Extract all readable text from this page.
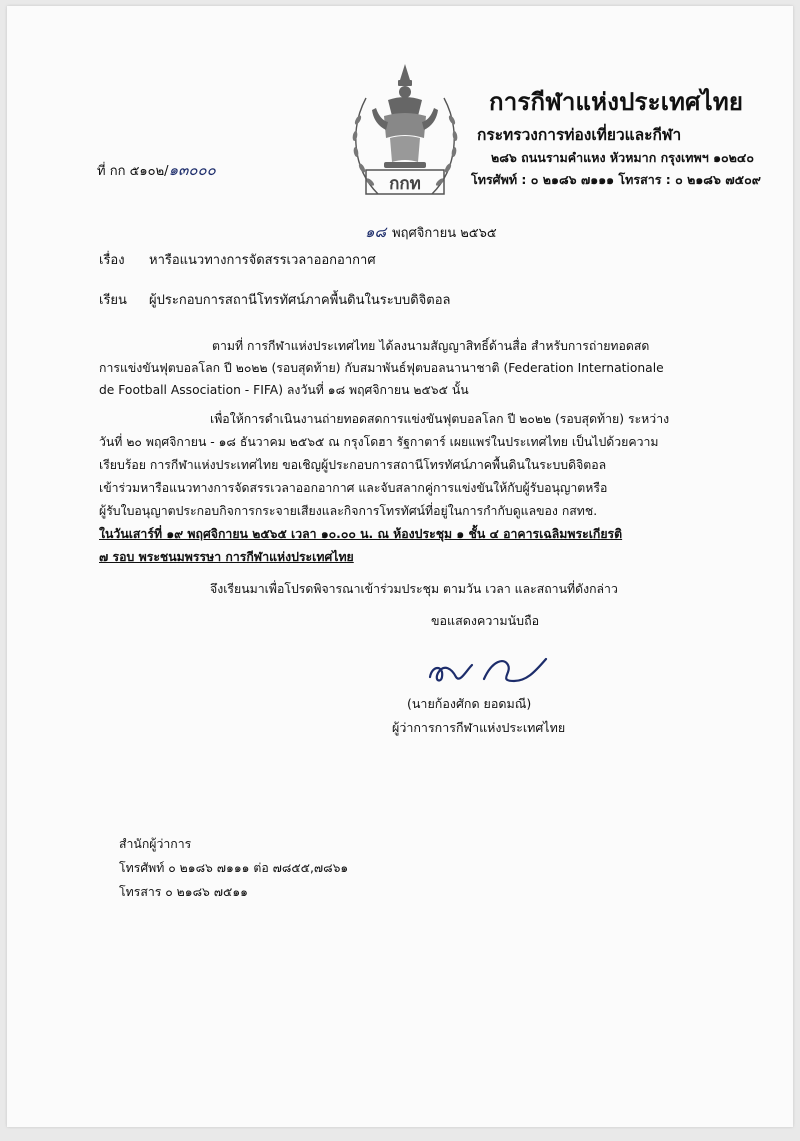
กกท
การกีฬาแห่งประเทศไทย
กระทรวงการท่องเที่ยวและกีฬา
๒๘๖ ถนนรามคำแหง หัวหมาก กรุงเทพฯ ๑๐๒๔๐
โทรศัพท์ : ๐ ๒๑๘๖ ๗๑๑๑ โทรสาร : ๐ ๒๑๘๖ ๗๕๐๙
ที่ กก ๕๑๐๒/๑๓๐๐๐
๑๘ พฤศจิกายน ๒๕๖๕
เรื่อง หารือแนวทางการจัดสรรเวลาออกอากาศ
เรียน ผู้ประกอบการสถานีโทรทัศน์ภาคพื้นดินในระบบดิจิตอล
ตามที่ การกีฬาแห่งประเทศไทย ได้ลงนามสัญญาสิทธิ์ด้านสื่อ สำหรับการถ่ายทอดสด
การแข่งขันฟุตบอลโลก ปี ๒๐๒๒ (รอบสุดท้าย) กับสมาพันธ์ฟุตบอลนานาชาติ (Federation Internationale
de Football Association - FIFA) ลงวันที่ ๑๘ พฤศจิกายน ๒๕๖๕ นั้น
เพื่อให้การดำเนินงานถ่ายทอดสดการแข่งขันฟุตบอลโลก ปี ๒๐๒๒ (รอบสุดท้าย) ระหว่าง
วันที่ ๒๐ พฤศจิกายน - ๑๘ ธันวาคม ๒๕๖๕ ณ กรุงโดฮา รัฐกาตาร์ เผยแพร่ในประเทศไทย เป็นไปด้วยความ
เรียบร้อย การกีฬาแห่งประเทศไทย ขอเชิญผู้ประกอบการสถานีโทรทัศน์ภาคพื้นดินในระบบดิจิตอล
เข้าร่วมหารือแนวทางการจัดสรรเวลาออกอากาศ และจับสลากคู่การแข่งขันให้กับผู้รับอนุญาตหรือ
ผู้รับใบอนุญาตประกอบกิจการกระจายเสียงและกิจการโทรทัศน์ที่อยู่ในการกำกับดูแลของ กสทช.
ในวันเสาร์ที่ ๑๙ พฤศจิกายน ๒๕๖๕ เวลา ๑๐.๐๐ น. ณ ห้องประชุม ๑ ชั้น ๔ อาคารเฉลิมพระเกียรติ
๗ รอบ พระชนมพรรษา การกีฬาแห่งประเทศไทย
จึงเรียนมาเพื่อโปรดพิจารณาเข้าร่วมประชุม ตามวัน เวลา และสถานที่ดังกล่าว
ขอแสดงความนับถือ
(นายก้องศักด ยอดมณี)
ผู้ว่าการการกีฬาแห่งประเทศไทย
สำนักผู้ว่าการ
โทรศัพท์ ๐ ๒๑๘๖ ๗๑๑๑ ต่อ ๗๘๕๕,๗๘๖๑
โทรสาร ๐ ๒๑๘๖ ๗๕๑๑
